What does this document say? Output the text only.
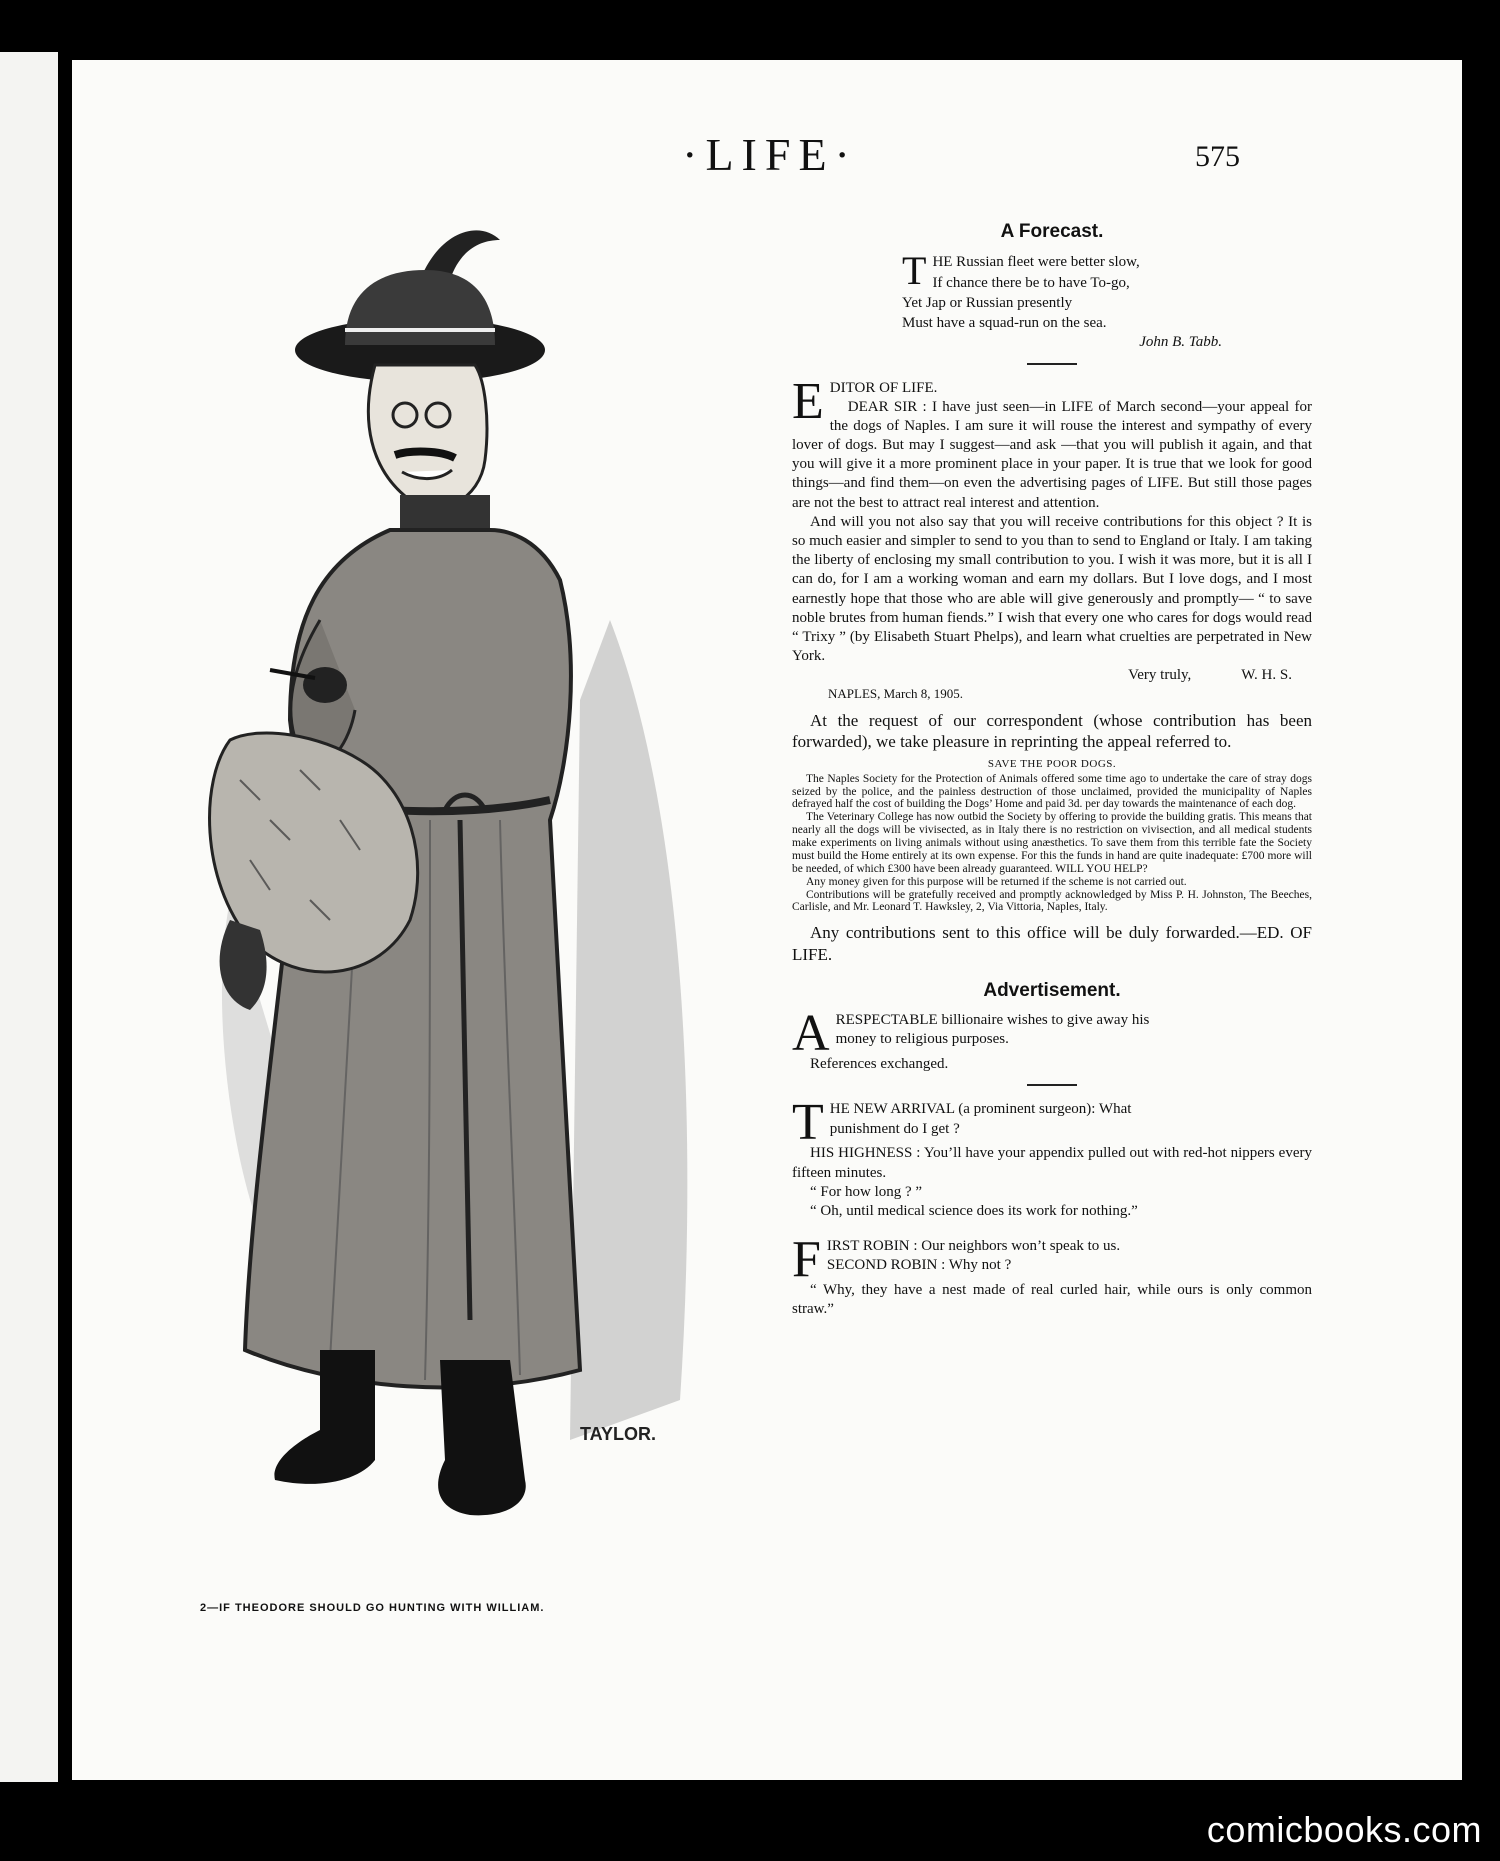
·LIFE·	575
TAYLOR.
2—IF THEODORE SHOULD GO HUNTING WITH WILLIAM.
A Forecast.
T HE Russian fleet were better slow,
If chance there be to have To-go,
Yet Jap or Russian presently
Must have a squad-run on the sea.
John B. Tabb.
E DITOR OF LIFE.

DEAR SIR : I have just seen—in LIFE of March second—your appeal for the dogs of Naples. I am sure it will rouse the interest and sympathy of every lover of dogs. But may I suggest—and ask —that you will publish it again, and that you will give it a more prominent place in your paper. It is true that we look for good things—and find them—on even the advertising pages of LIFE. But still those pages are not the best to attract real interest and attention.

And will you not also say that you will receive contributions for this object ? It is so much easier and simpler to send to you than to send to England or Italy. I am taking the liberty of enclosing my small contribution to you. I wish it was more, but it is all I can do, for I am a working woman and earn my dollars. But I love dogs, and I most earnestly hope that those who are able will give generously and promptly— “ to save noble brutes from human fiends.” I wish that every one who cares for dogs would read “ Trixy ” (by Elisabeth Stuart Phelps), and learn what cruelties are perpetrated in New York.

Very truly,	W. H. S.
NAPLES, March 8, 1905.

At the request of our correspondent (whose contribution has been forwarded), we take pleasure in reprinting the appeal referred to.

SAVE THE POOR DOGS.

The Naples Society for the Protection of Animals offered some time ago to undertake the care of stray dogs seized by the police, and the painless destruction of those unclaimed, provided the municipality of Naples defrayed half the cost of building the Dogs’ Home and paid 3d. per day towards the maintenance of each dog.

The Veterinary College has now outbid the Society by offering to provide the building gratis. This means that nearly all the dogs will be vivisected, as in Italy there is no restriction on vivisection, and all medical students make experiments on living animals without using anæsthetics. To save them from this terrible fate the Society must build the Home entirely at its own expense. For this the funds in hand are quite inadequate: £700 more will be needed, of which £300 have been already guaranteed. WILL YOU HELP?

Any money given for this purpose will be returned if the scheme is not carried out.

Contributions will be gratefully received and promptly acknowledged by Miss P. H. Johnston, The Beeches, Carlisle, and Mr. Leonard T. Hawksley, 2, Via Vittoria, Naples, Italy.

Any contributions sent to this office will be duly forwarded.—ED. OF LIFE.

Advertisement.
A RESPECTABLE billionaire wishes to give away his
money to religious purposes.
References exchanged.
T HE NEW ARRIVAL (a prominent surgeon): What
punishment do I get ?

HIS HIGHNESS : You’ll have your appendix pulled out with red-hot nippers every fifteen minutes.

“ For how long ? ”
“ Oh, until medical science does its work for nothing.”
F IRST ROBIN : Our neighbors won’t speak to us.
SECOND ROBIN : Why not ?

“ Why, they have a nest made of real curled hair, while ours is only common straw.”

comicbooks.com
